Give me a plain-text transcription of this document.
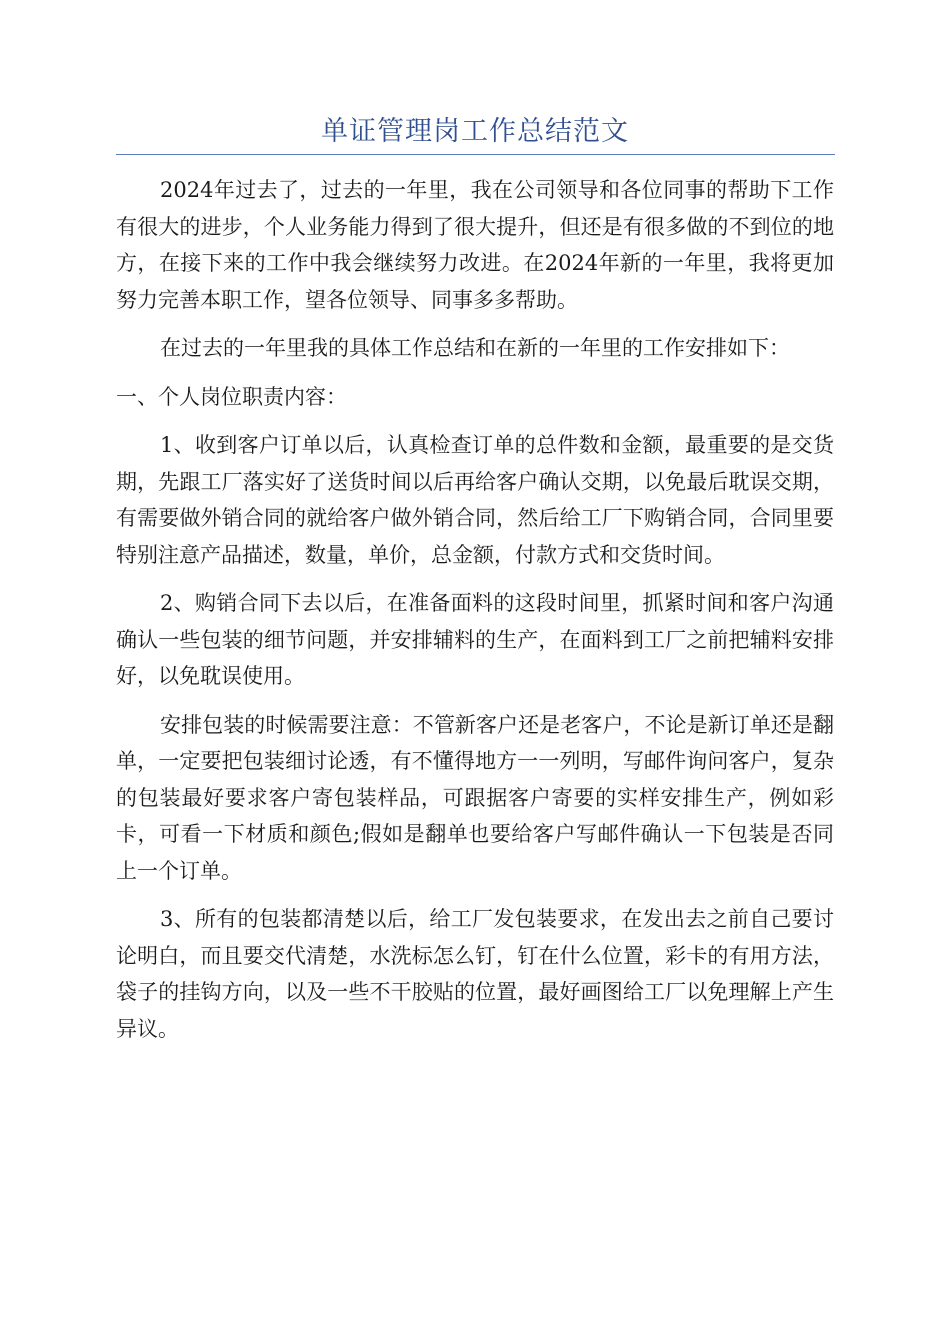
单证管理岗工作总结范文

2024年过去了，过去的一年里，我在公司领导和各位同事的帮助下工作有很大的进步，个人业务能力得到了很大提升，但还是有很多做的不到位的地方，在接下来的工作中我会继续努力改进。在2024年新的一年里，我将更加努力完善本职工作，望各位领导、同事多多帮助。

在过去的一年里我的具体工作总结和在新的一年里的工作安排如下：

一、个人岗位职责内容：

1、收到客户订单以后，认真检查订单的总件数和金额，最重要的是交货期，先跟工厂落实好了送货时间以后再给客户确认交期，以免最后耽误交期，有需要做外销合同的就给客户做外销合同，然后给工厂下购销合同，合同里要特别注意产品描述，数量，单价，总金额，付款方式和交货时间。

2、购销合同下去以后，在准备面料的这段时间里，抓紧时间和客户沟通确认一些包装的细节问题，并安排辅料的生产，在面料到工厂之前把辅料安排好，以免耽误使用。

安排包装的时候需要注意：不管新客户还是老客户，不论是新订单还是翻单，一定要把包装细讨论透，有不懂得地方一一列明，写邮件询问客户，复杂的包装最好要求客户寄包装样品，可跟据客户寄要的实样安排生产，例如彩卡，可看一下材质和颜色;假如是翻单也要给客户写邮件确认一下包装是否同上一个订单。

3、所有的包装都清楚以后，给工厂发包装要求，在发出去之前自己要讨论明白，而且要交代清楚，水洗标怎么钉，钉在什么位置，彩卡的有用方法，袋子的挂钩方向，以及一些不干胶贴的位置，最好画图给工厂以免理解上产生异议。
